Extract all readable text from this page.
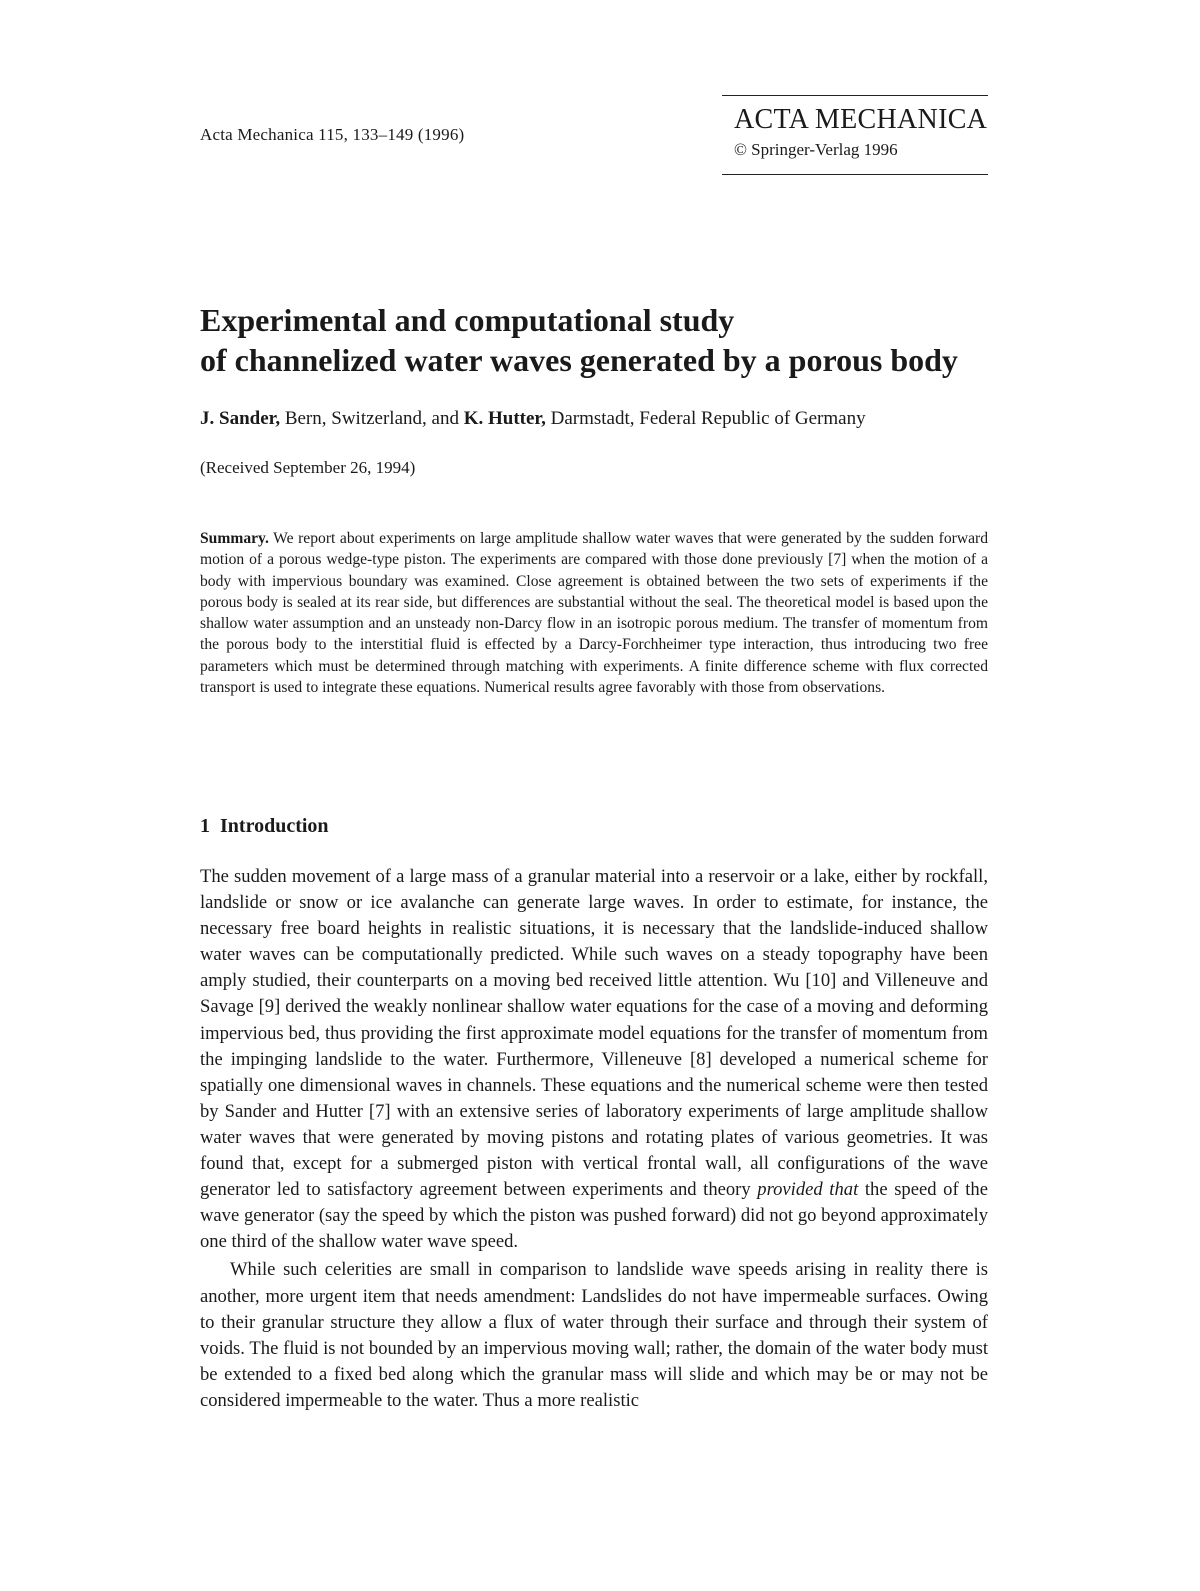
Acta Mechanica 115, 133–149 (1996)	ACTA MECHANICA
© Springer-Verlag 1996
Experimental and computational study
of channelized water waves generated by a porous body
J. Sander, Bern, Switzerland, and K. Hutter, Darmstadt, Federal Republic of Germany
(Received September 26, 1994)

Summary. We report about experiments on large amplitude shallow water waves that were generated by the sudden forward motion of a porous wedge-type piston. The experiments are compared with those done previously [7] when the motion of a body with impervious boundary was examined. Close agreement is obtained between the two sets of experiments if the porous body is sealed at its rear side, but differences are substantial without the seal. The theoretical model is based upon the shallow water assumption and an unsteady non-Darcy flow in an isotropic porous medium. The transfer of momentum from the porous body to the interstitial fluid is effected by a Darcy-Forchheimer type interaction, thus introducing two free parameters which must be determined through matching with experiments. A finite difference scheme with flux corrected transport is used to integrate these equations. Numerical results agree favorably with those from observations.

1 Introduction

The sudden movement of a large mass of a granular material into a reservoir or a lake, either by rockfall, landslide or snow or ice avalanche can generate large waves. In order to estimate, for instance, the necessary free board heights in realistic situations, it is necessary that the landslide-induced shallow water waves can be computationally predicted. While such waves on a steady topography have been amply studied, their counterparts on a moving bed received little attention. Wu [10] and Villeneuve and Savage [9] derived the weakly nonlinear shallow water equations for the case of a moving and deforming impervious bed, thus providing the first approximate model equations for the transfer of momentum from the impinging landslide to the water. Furthermore, Villeneuve [8] developed a numerical scheme for spatially one dimensional waves in channels. These equations and the numerical scheme were then tested by Sander and Hutter [7] with an extensive series of laboratory experiments of large amplitude shallow water waves that were generated by moving pistons and rotating plates of various geometries. It was found that, except for a submerged piston with vertical frontal wall, all configurations of the wave generator led to satisfactory agreement between experiments and theory provided that the speed of the wave generator (say the speed by which the piston was pushed forward) did not go beyond approximately one third of the shallow water wave speed.

While such celerities are small in comparison to landslide wave speeds arising in reality there is another, more urgent item that needs amendment: Landslides do not have impermeable surfaces. Owing to their granular structure they allow a flux of water through their surface and through their system of voids. The fluid is not bounded by an impervious moving wall; rather, the domain of the water body must be extended to a fixed bed along which the granular mass will slide and which may be or may not be considered impermeable to the water. Thus a more realistic
